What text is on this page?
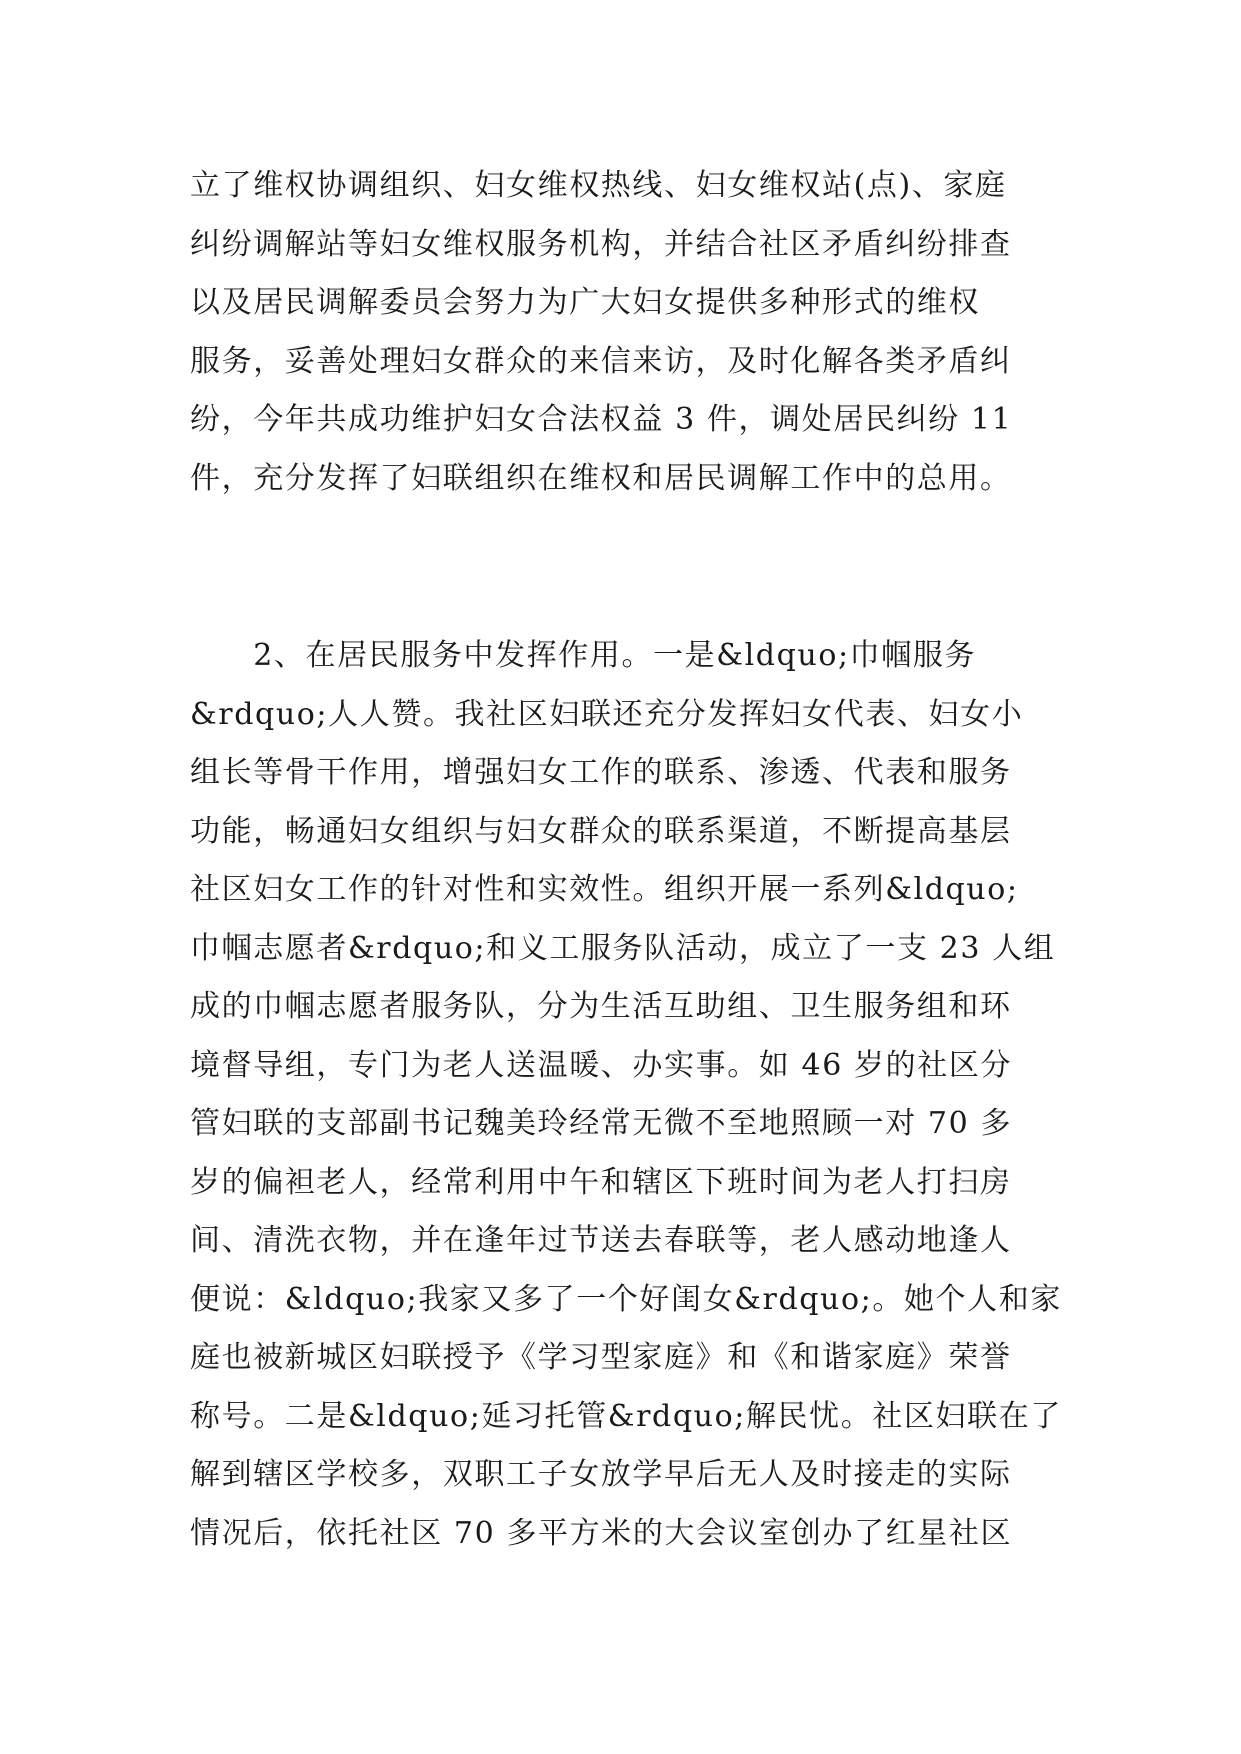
立了维权协调组织、妇女维权热线、妇女维权站(点)、家庭
纠纷调解站等妇女维权服务机构，并结合社区矛盾纠纷排查
以及居民调解委员会努力为广大妇女提供多种形式的维权
服务，妥善处理妇女群众的来信来访，及时化解各类矛盾纠
纷，今年共成功维护妇女合法权益 3 件，调处居民纠纷 11
件，充分发挥了妇联组织在维权和居民调解工作中的总用。

　　2、在居民服务中发挥作用。一是&ldquo;巾帼服务
&rdquo;人人赞。我社区妇联还充分发挥妇女代表、妇女小
组长等骨干作用，增强妇女工作的联系、渗透、代表和服务
功能，畅通妇女组织与妇女群众的联系渠道，不断提高基层
社区妇女工作的针对性和实效性。组织开展一系列&ldquo;
巾帼志愿者&rdquo;和义工服务队活动，成立了一支 23 人组
成的巾帼志愿者服务队，分为生活互助组、卫生服务组和环
境督导组，专门为老人送温暖、办实事。如 46 岁的社区分
管妇联的支部副书记魏美玲经常无微不至地照顾一对 70 多
岁的偏袒老人，经常利用中午和辖区下班时间为老人打扫房
间、清洗衣物，并在逢年过节送去春联等，老人感动地逢人
便说：&ldquo;我家又多了一个好闺女&rdquo;。她个人和家
庭也被新城区妇联授予《学习型家庭》和《和谐家庭》荣誉
称号。二是&ldquo;延习托管&rdquo;解民忧。社区妇联在了
解到辖区学校多，双职工子女放学早后无人及时接走的实际
情况后，依托社区 70 多平方米的大会议室创办了红星社区
